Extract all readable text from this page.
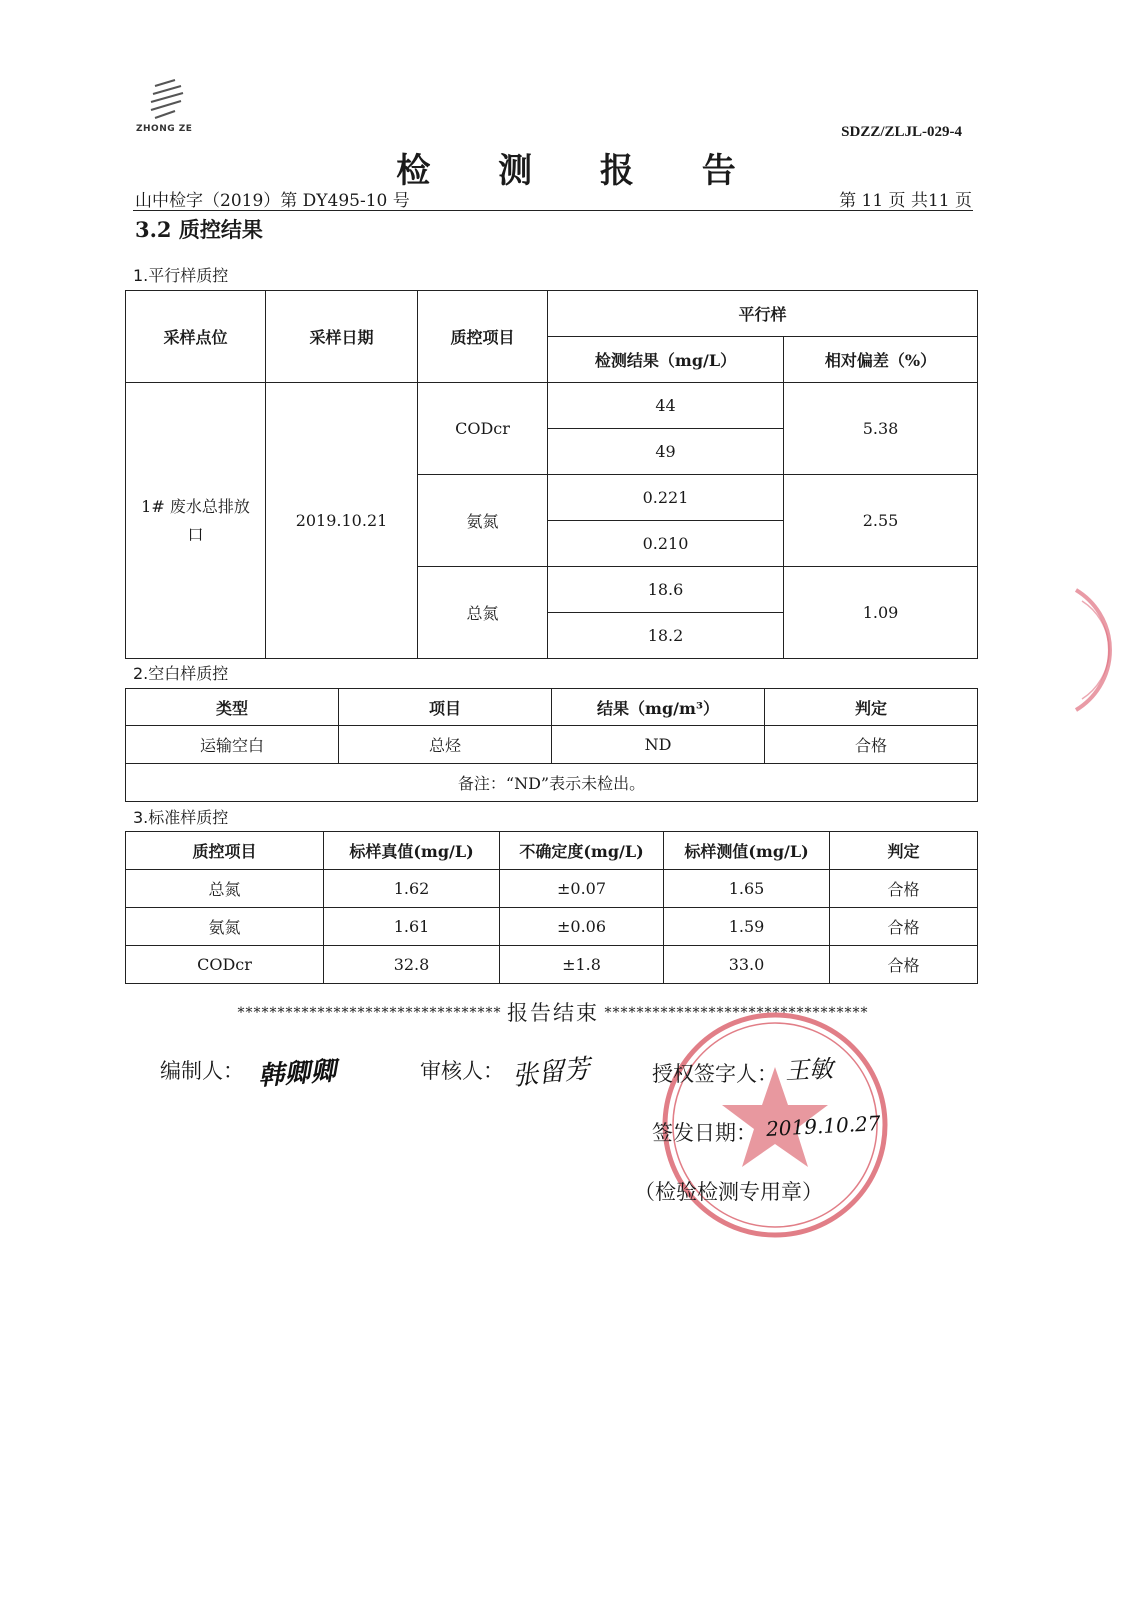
ZHONG ZE	SDZZ/ZLJL-029-4
检 测 报 告
山中检字（2019）第 DY495-10 号	第 11 页 共11 页
3.2 质控结果
1.平行样质控
采样点位	采样日期	质控项目	平行样	
			检测结果（mg/L）	相对偏差（%）
1# 废水总排放口	2019.10.21	CODcr	44	5.38
			49	
		氨氮	0.221	2.55
			0.210	
		总氮	18.6	1.09
			18.2	
2.空白样质控
类型	项目	结果（mg/m³）	判定
运输空白	总烃	ND	合格
备注：“ND”表示未检出。			
3.标准样质控
质控项目	标样真值(mg/L)	不确定度(mg/L)	标样测值(mg/L)	判定
总氮	1.62	±0.07	1.65	合格
氨氮	1.61	±0.06	1.59	合格
CODcr	32.8	±1.8	33.0	合格
********************************* 报告结束 *********************************
编制人： 韩卿卿	审核人： 张留芳	授权签字人： 王敏
签发日期： 2019.10.27
（检验检测专用章）
